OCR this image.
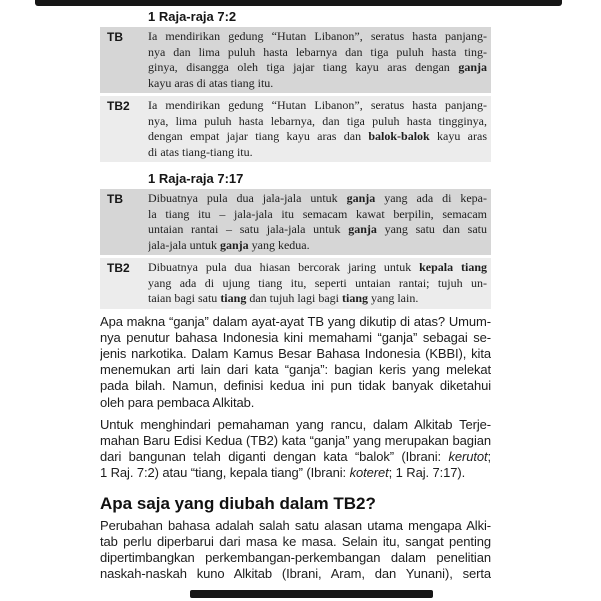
1 Raja-raja 7:2
TB	Ia mendirikan gedung “Hutan Libanon”, seratus hasta panjang-
nya dan lima puluh hasta lebarnya dan tiga puluh hasta ting-
ginya, disangga oleh tiga jajar tiang kayu aras dengan ganja
kayu aras di atas tiang itu.
TB2	Ia mendirikan gedung “Hutan Libanon”, seratus hasta panjang-
nya, lima puluh hasta lebarnya, dan tiga puluh hasta tingginya,
dengan empat jajar tiang kayu aras dan balok-balok kayu aras
di atas tiang-tiang itu.
1 Raja-raja 7:17
TB	Dibuatnya pula dua jala-jala untuk ganja yang ada di kepa-
la tiang itu – jala-jala itu semacam kawat berpilin, semacam
untaian rantai – satu jala-jala untuk ganja yang satu dan satu
jala-jala untuk ganja yang kedua.
TB2	Dibuatnya pula dua hiasan bercorak jaring untuk kepala tiang
yang ada di ujung tiang itu, seperti untaian rantai; tujuh un-
taian bagi satu tiang dan tujuh lagi bagi tiang yang lain.

Apa makna “ganja” dalam ayat-ayat TB yang dikutip di atas? Umum-
nya penutur bahasa Indonesia kini memahami “ganja” sebagai se-
jenis narkotika. Dalam Kamus Besar Bahasa Indonesia (KBBI), kita
menemukan arti lain dari kata “ganja”: bagian keris yang melekat
pada bilah. Namun, definisi kedua ini pun tidak banyak diketahui
oleh para pembaca Alkitab.

Untuk menghindari pemahaman yang rancu, dalam Alkitab Terje-
mahan Baru Edisi Kedua (TB2) kata “ganja” yang merupakan bagian
dari bangunan telah diganti dengan kata “balok” (Ibrani: kerutot;
1 Raj. 7:2) atau “tiang, kepala tiang” (Ibrani: koteret; 1 Raj. 7:17).

Apa saja yang diubah dalam TB2?

Perubahan bahasa adalah salah satu alasan utama mengapa Alki-
tab perlu diperbarui dari masa ke masa. Selain itu, sangat penting
dipertimbangkan perkembangan-perkembangan dalam penelitian
naskah-naskah kuno Alkitab (Ibrani, Aram, dan Yunani), serta
